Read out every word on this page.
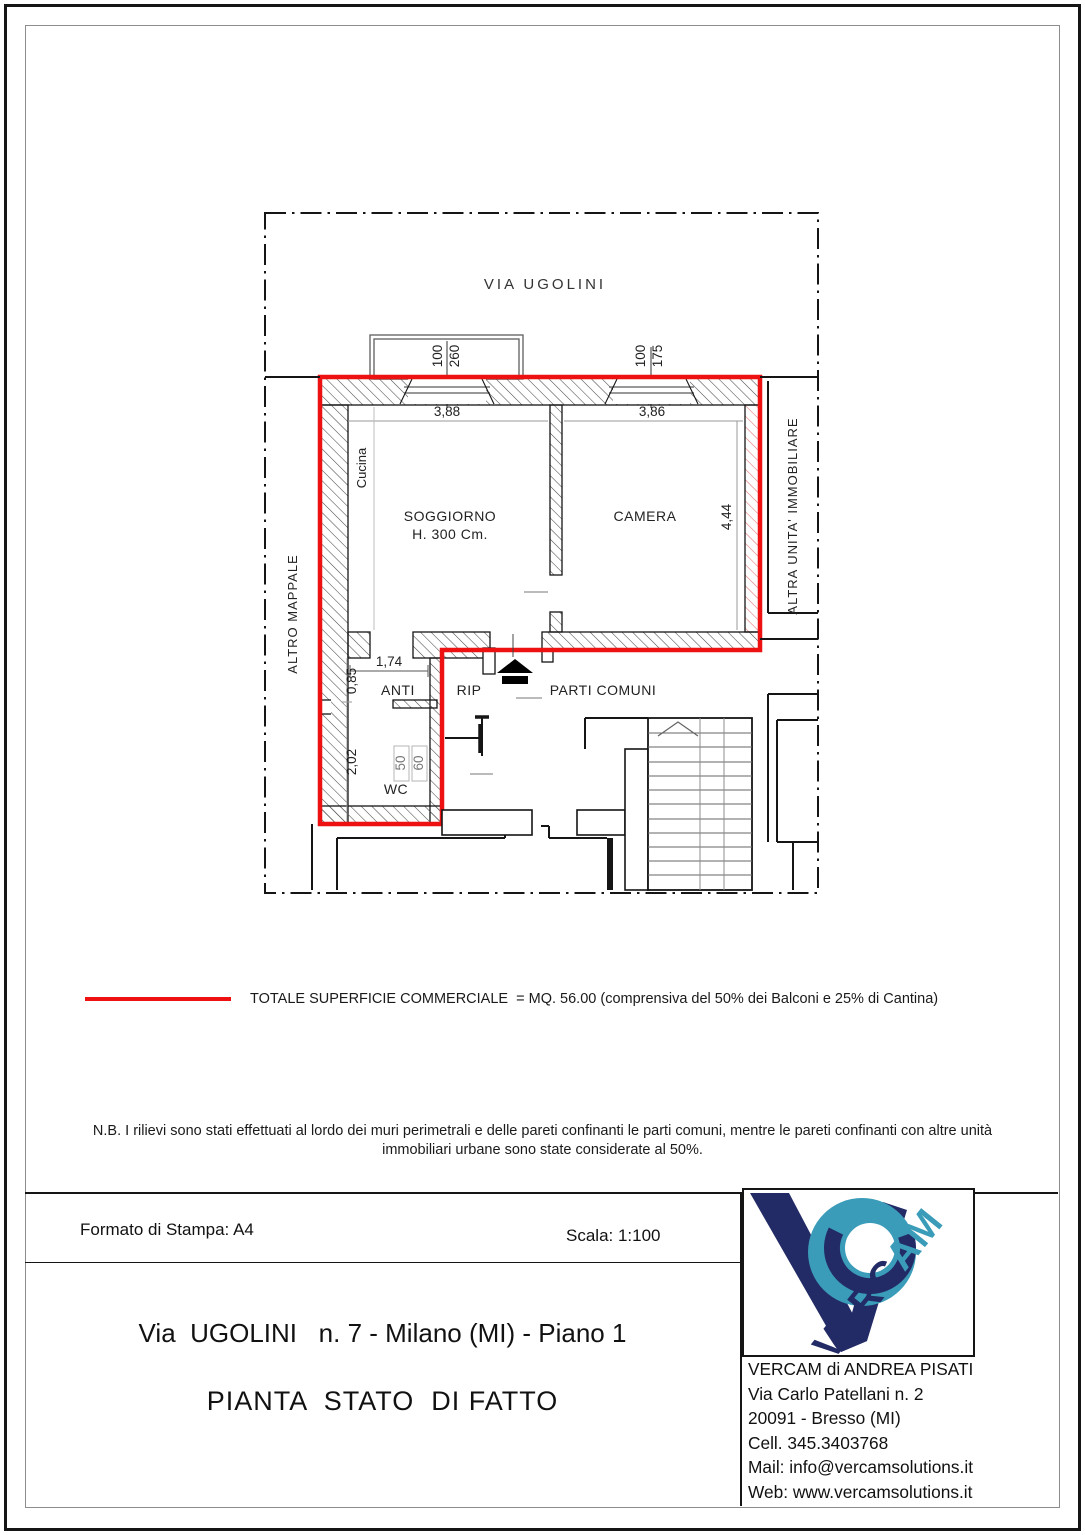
VIA UGOLINI
SOGGIORNO
H. 300 Cm.
CAMERA
Cucina
ANTI	RIP	PARTI COMUNI
WC
ALTRO MAPPALE	ALTRA UNITA' IMMOBILIARE
3,88	3,86
4,44
1,74
0,85
2,02
100 260	100 175
50 60
TOTALE SUPERFICIE COMMERCIALE  = MQ. 56.00 (comprensiva del 50% dei Balconi e 25% di Cantina)
N.B. I rilievi sono stati effettuati al lordo dei muri perimetrali e delle pareti confinanti le parti comuni, mentre le pareti confinanti con altre unità
immobiliari urbane sono state considerate al 50%.
Formato di Stampa: A4	Scala: 1:100
Via  UGOLINI   n. 7 - Milano (MI) - Piano 1
PIANTA  STATO  DI FATTO
VERCAM
VERCAM di ANDREA PISATI
Via Carlo Patellani n. 2
20091 - Bresso (MI)
Cell. 345.3403768
Mail: info@vercamsolutions.it
Web: www.vercamsolutions.it
